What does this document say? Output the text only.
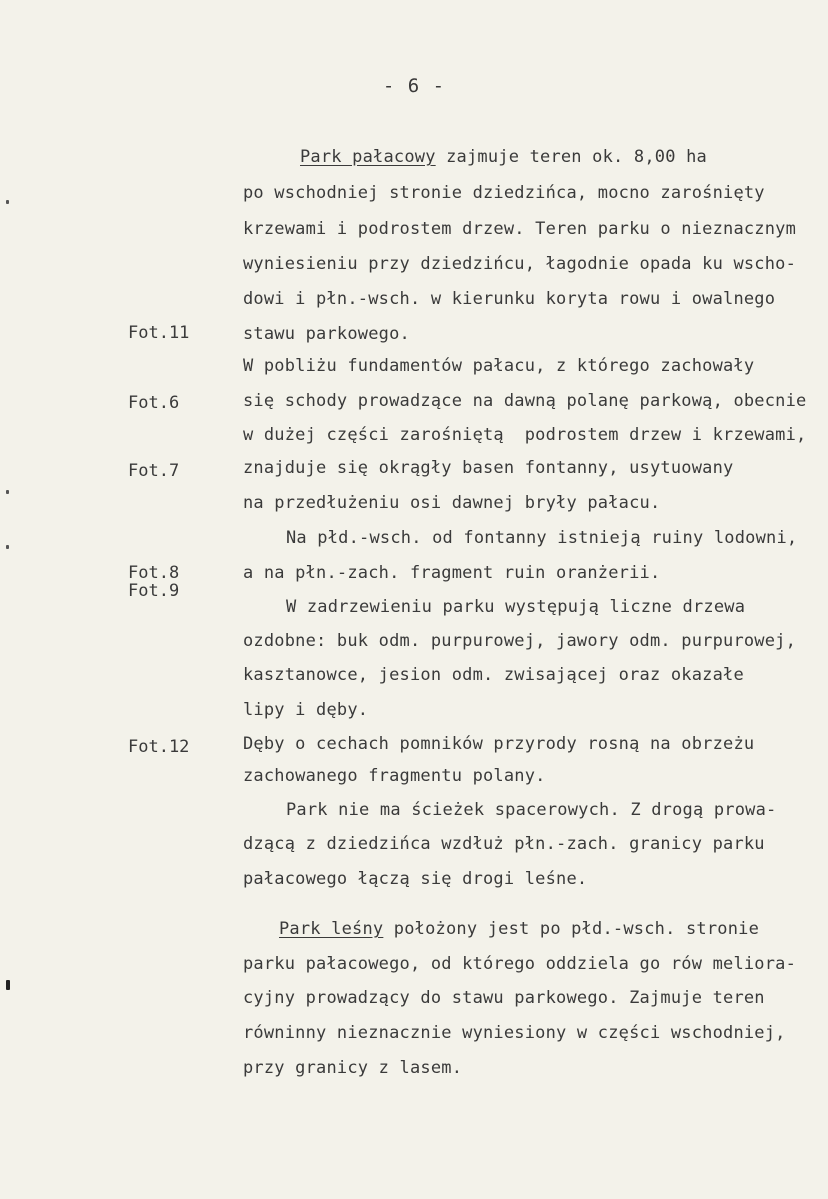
- 6 -
Park pałacowy zajmuje teren ok. 8,00 ha
po wschodniej stronie dziedzińca, mocno zarośnięty
krzewami i podrostem drzew. Teren parku o nieznacznym
wyniesieniu przy dziedzińcu, łagodnie opada ku wscho-
dowi i płn.-wsch. w kierunku koryta rowu i owalnego
stawu parkowego.
Fot.11
W pobliżu fundamentów pałacu, z którego zachowały
się schody prowadzące na dawną polanę parkową, obecnie
Fot.6
w dużej części zarośniętą  podrostem drzew i krzewami,
znajduje się okrągły basen fontanny, usytuowany
Fot.7
na przedłużeniu osi dawnej bryły pałacu.
Na płd.-wsch. od fontanny istnieją ruiny lodowni,
a na płn.-zach. fragment ruin oranżerii.
Fot.8
Fot.9
W zadrzewieniu parku występują liczne drzewa
ozdobne: buk odm. purpurowej, jawory odm. purpurowej,
kasztanowce, jesion odm. zwisającej oraz okazałe
lipy i dęby.
Dęby o cechach pomników przyrody rosną na obrzeżu
Fot.12
zachowanego fragmentu polany.
Park nie ma ścieżek spacerowych. Z drogą prowa-
dzącą z dziedzińca wzdłuż płn.-zach. granicy parku
pałacowego łączą się drogi leśne.
Park leśny położony jest po płd.-wsch. stronie
parku pałacowego, od którego oddziela go rów meliora-
cyjny prowadzący do stawu parkowego. Zajmuje teren
równinny nieznacznie wyniesiony w części wschodniej,
przy granicy z lasem.
